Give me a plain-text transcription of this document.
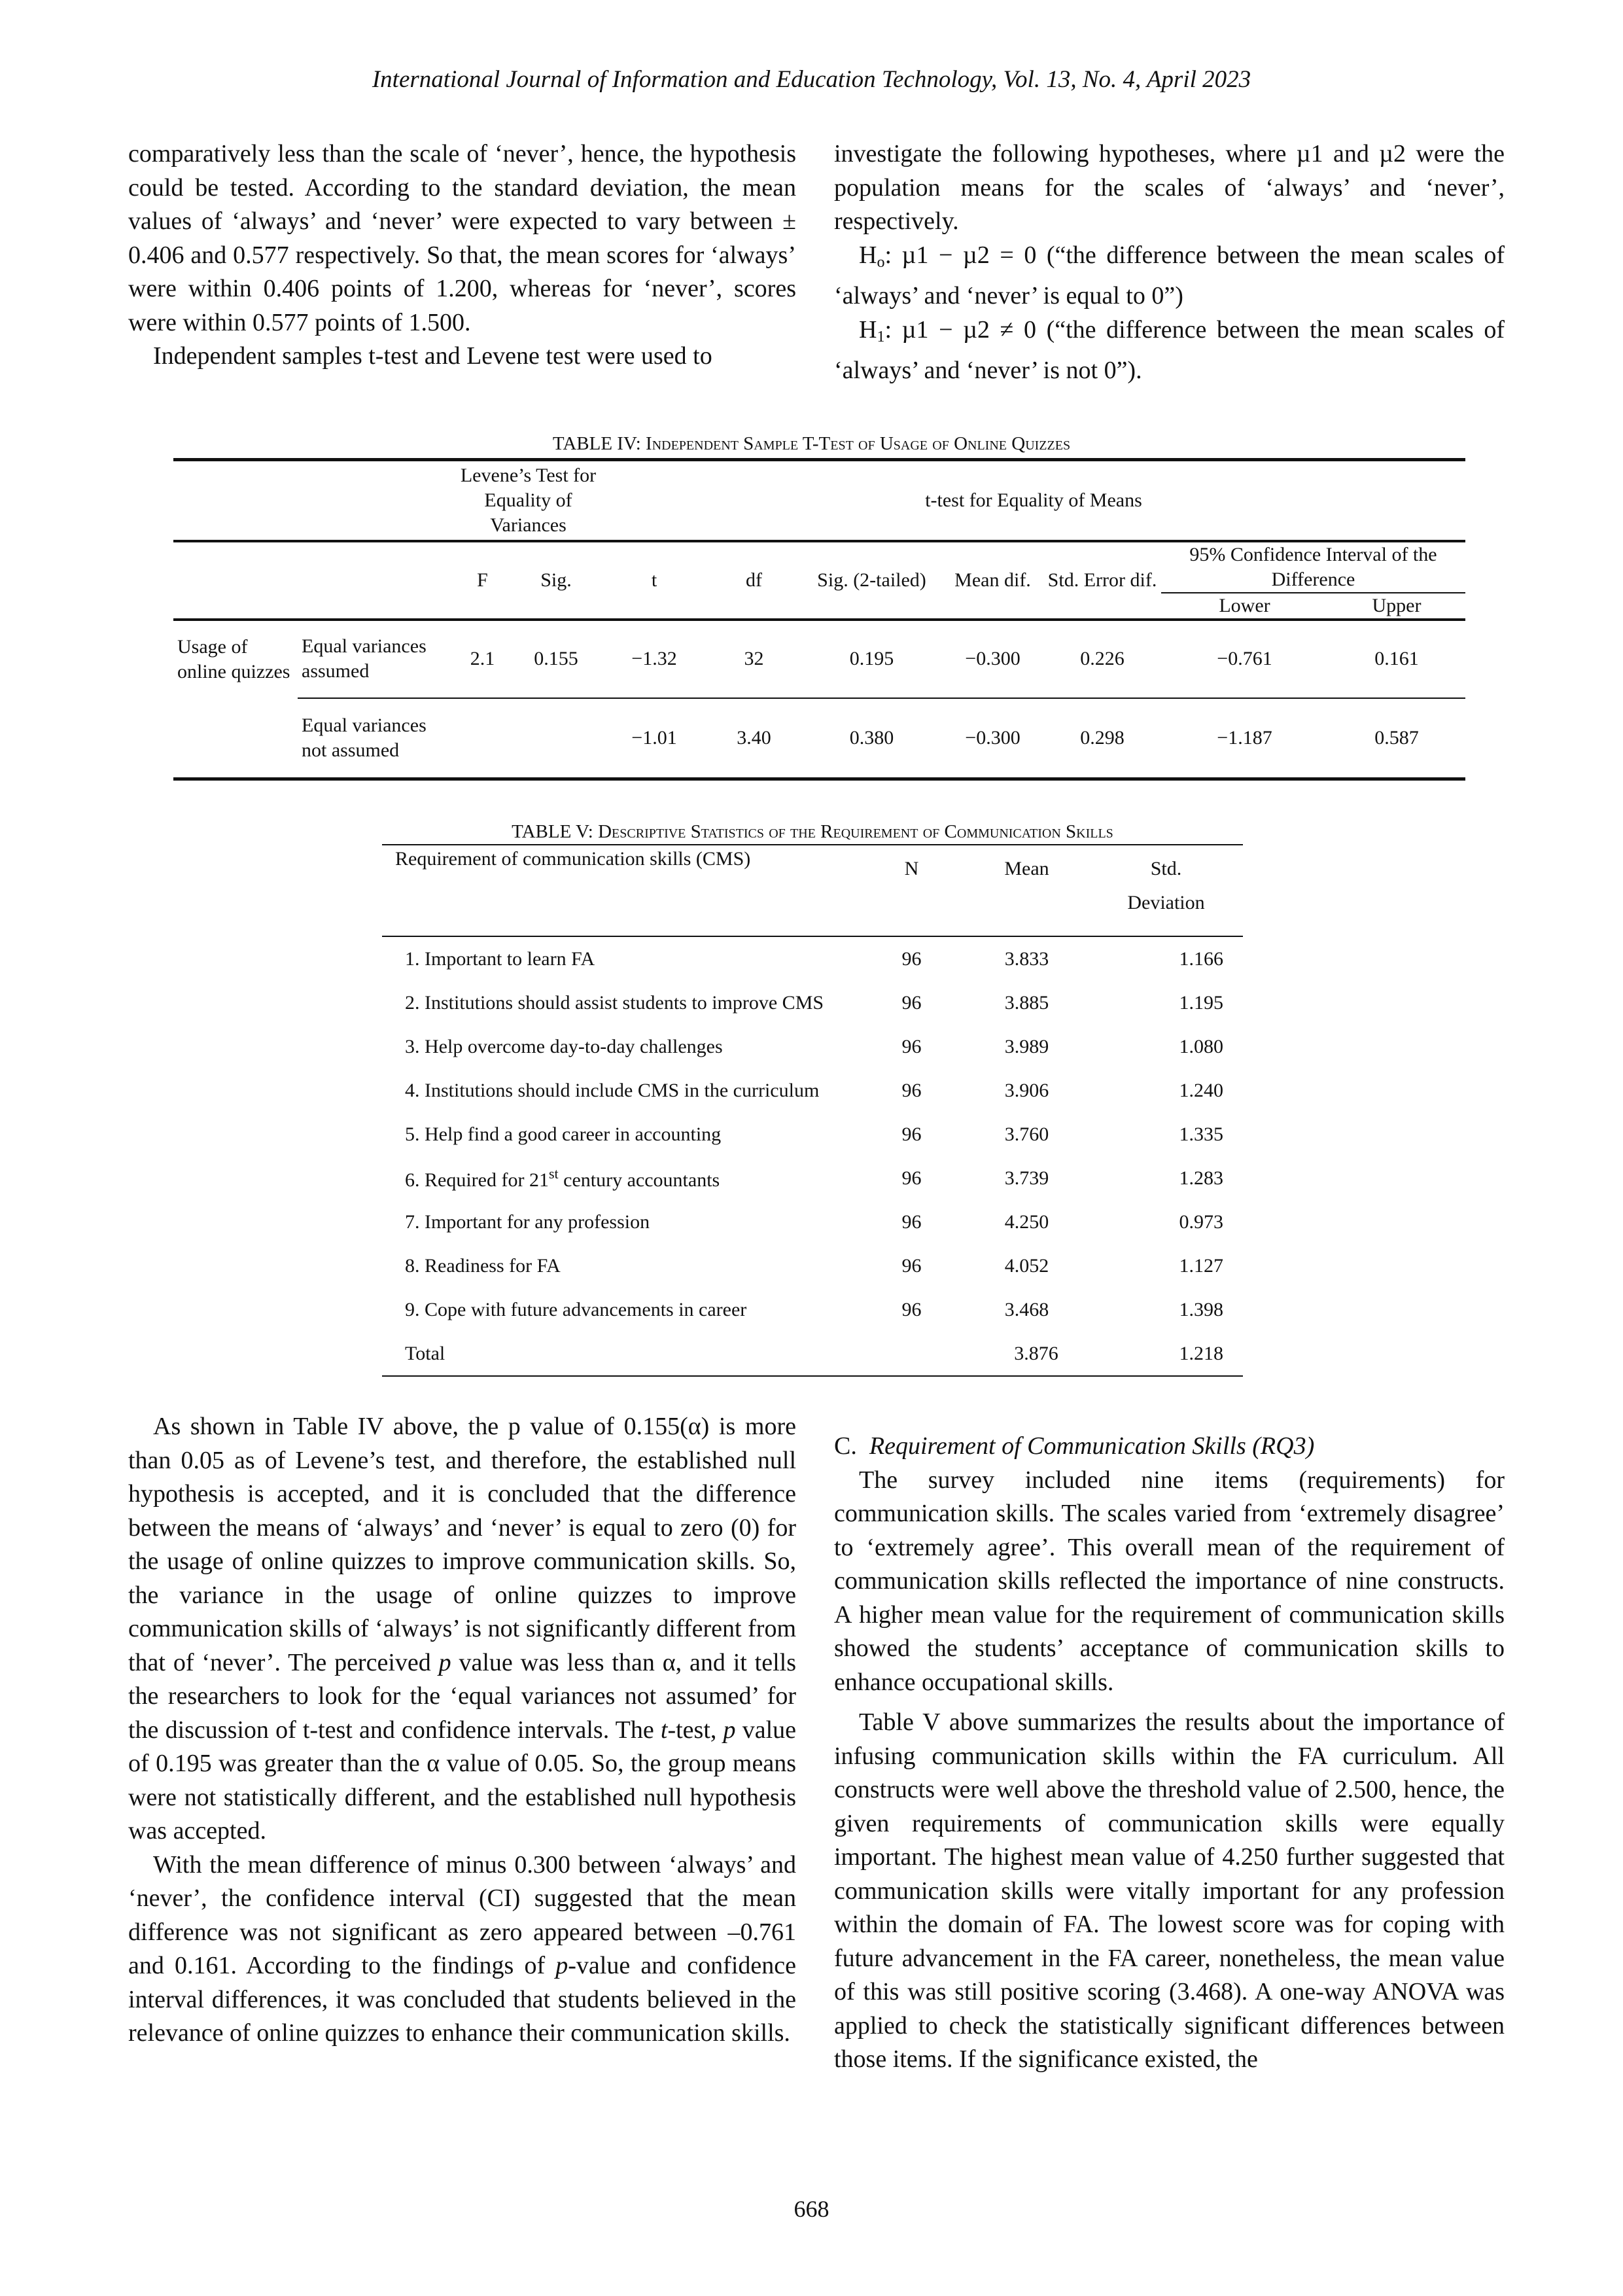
International Journal of Information and Education Technology, Vol. 13, No. 4, April 2023

comparatively less than the scale of ‘never’, hence, the hypothesis could be tested. According to the standard deviation, the mean values of ‘always’ and ‘never’ were expected to vary between ± 0.406 and 0.577 respectively. So that, the mean scores for ‘always’ were within 0.406 points of 1.200, whereas for ‘never’, scores were within 0.577 points of 1.500.

Independent samples t-test and Levene test were used to

investigate the following hypotheses, where µ1 and µ2 were the population means for the scales of ‘always’ and ‘never’, respectively.

$H_o$: µ1 − µ2 = 0 (“the difference between the mean scales of ‘always’ and ‘never’ is equal to 0”)

$H_1$: µ1 − µ2 ≠ 0 (“the difference between the mean scales of ‘always’ and ‘never’ is not 0”).

TABLE IV: Independent Sample T-Test of Usage of Online Quizzes
		Levene’s Test for Equality of Variances		t-test for Equality of Means						
		F	Sig.	t	df	Sig. (2-tailed)	Mean dif.	Std. Error dif.	95% Confidence Interval of the Difference	
									Lower	Upper
Usage of online quizzes	Equal variances assumed	2.1	0.155	−1.32	32	0.195	−0.300	0.226	−0.761	0.161
	Equal variances not assumed			−1.01	3.40	0.380	−0.300	0.298	−1.187	0.587
TABLE V: Descriptive Statistics of the Requirement of Communication Skills
Requirement of communication skills (CMS)	N	Mean	Std.
			Deviation
1. Important to learn FA	96	3.833	1.166
2. Institutions should assist students to improve CMS	96	3.885	1.195
3. Help overcome day-to-day challenges	96	3.989	1.080
4. Institutions should include CMS in the curriculum	96	3.906	1.240
5. Help find a good career in accounting	96	3.760	1.335
6. Required for 21st century accountants	96	3.739	1.283
7. Important for any profession	96	4.250	0.973
8. Readiness for FA	96	4.052	1.127
9. Cope with future advancements in career	96	3.468	1.398
Total		3.876	1.218

As shown in Table IV above, the p value of 0.155(α) is more than 0.05 as of Levene’s test, and therefore, the established null hypothesis is accepted, and it is concluded that the difference between the means of ‘always’ and ‘never’ is equal to zero (0) for the usage of online quizzes to improve communication skills. So, the variance in the usage of online quizzes to improve communication skills of ‘always’ is not significantly different from that of ‘never’. The perceived p value was less than α, and it tells the researchers to look for the ‘equal variances not assumed’ for the discussion of t-test and confidence intervals. The t-test, p value of 0.195 was greater than the α value of 0.05. So, the group means were not statistically different, and the established null hypothesis was accepted.

With the mean difference of minus 0.300 between ‘always’ and ‘never’, the confidence interval (CI) suggested that the mean difference was not significant as zero appeared between –0.761 and 0.161. According to the findings of p-value and confidence interval differences, it was concluded that students believed in the relevance of online quizzes to enhance their communication skills.

C. Requirement of Communication Skills (RQ3)

The survey included nine items (requirements) for communication skills. The scales varied from ‘extremely disagree’ to ‘extremely agree’. This overall mean of the requirement of communication skills reflected the importance of nine constructs. A higher mean value for the requirement of communication skills showed the students’ acceptance of communication skills to enhance occupational skills.

Table V above summarizes the results about the importance of infusing communication skills within the FA curriculum. All constructs were well above the threshold value of 2.500, hence, the given requirements of communication skills were equally important. The highest mean value of 4.250 further suggested that communication skills were vitally important for any profession within the domain of FA. The lowest score was for coping with future advancement in the FA career, nonetheless, the mean value of this was still positive scoring (3.468). A one-way ANOVA was applied to check the statistically significant differences between those items. If the significance existed, the

668
